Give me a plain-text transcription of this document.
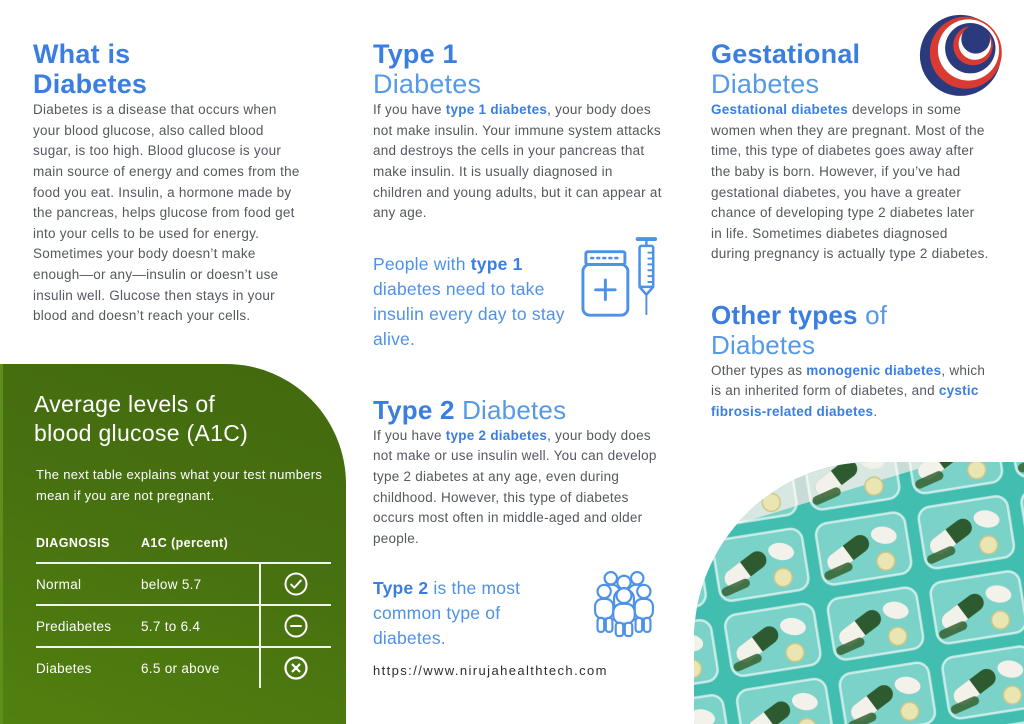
What is
Diabetes

Diabetes is a disease that occurs when your blood glucose, also called blood sugar, is too high. Blood glucose is your main source of energy and comes from the food you eat. Insulin, a hormone made by the pancreas, helps glucose from food get into your cells to be used for energy. Sometimes your body doesn’t make enough—or any—insulin or doesn’t use insulin well. Glucose then stays in your blood and doesn’t reach your cells.

Average levels of
blood glucose (A1C)

The next table explains what your test numbers mean if you are not pregnant.

DIAGNOSIS	A1C (percent)
Normal	below 5.7
Prediabetes	5.7 to 6.4
Diabetes	6.5 or above
Type 1
Diabetes

If you have type 1 diabetes, your body does not make insulin. Your immune system attacks and destroys the cells in your pancreas that make insulin. It is usually diagnosed in children and young adults, but it can appear at any age.

People with type 1 diabetes need to take insulin every day to stay alive.
Type 2 Diabetes

If you have type 2 diabetes, your body does not make or use insulin well. You can develop type 2 diabetes at any age, even during childhood. However, this type of diabetes occurs most often in middle-aged and older people.

Type 2 is the most common type of diabetes.
https://www.nirujahealthtech.com
Gestational
Diabetes

Gestational diabetes develops in some women when they are pregnant. Most of the time, this type of diabetes goes away after the baby is born. However, if you’ve had gestational diabetes, you have a greater chance of developing type 2 diabetes later in life. Sometimes diabetes diagnosed during pregnancy is actually type 2 diabetes.

Other types of Diabetes

Other types as monogenic diabetes, which is an inherited form of diabetes, and cystic fibrosis-related diabetes.
